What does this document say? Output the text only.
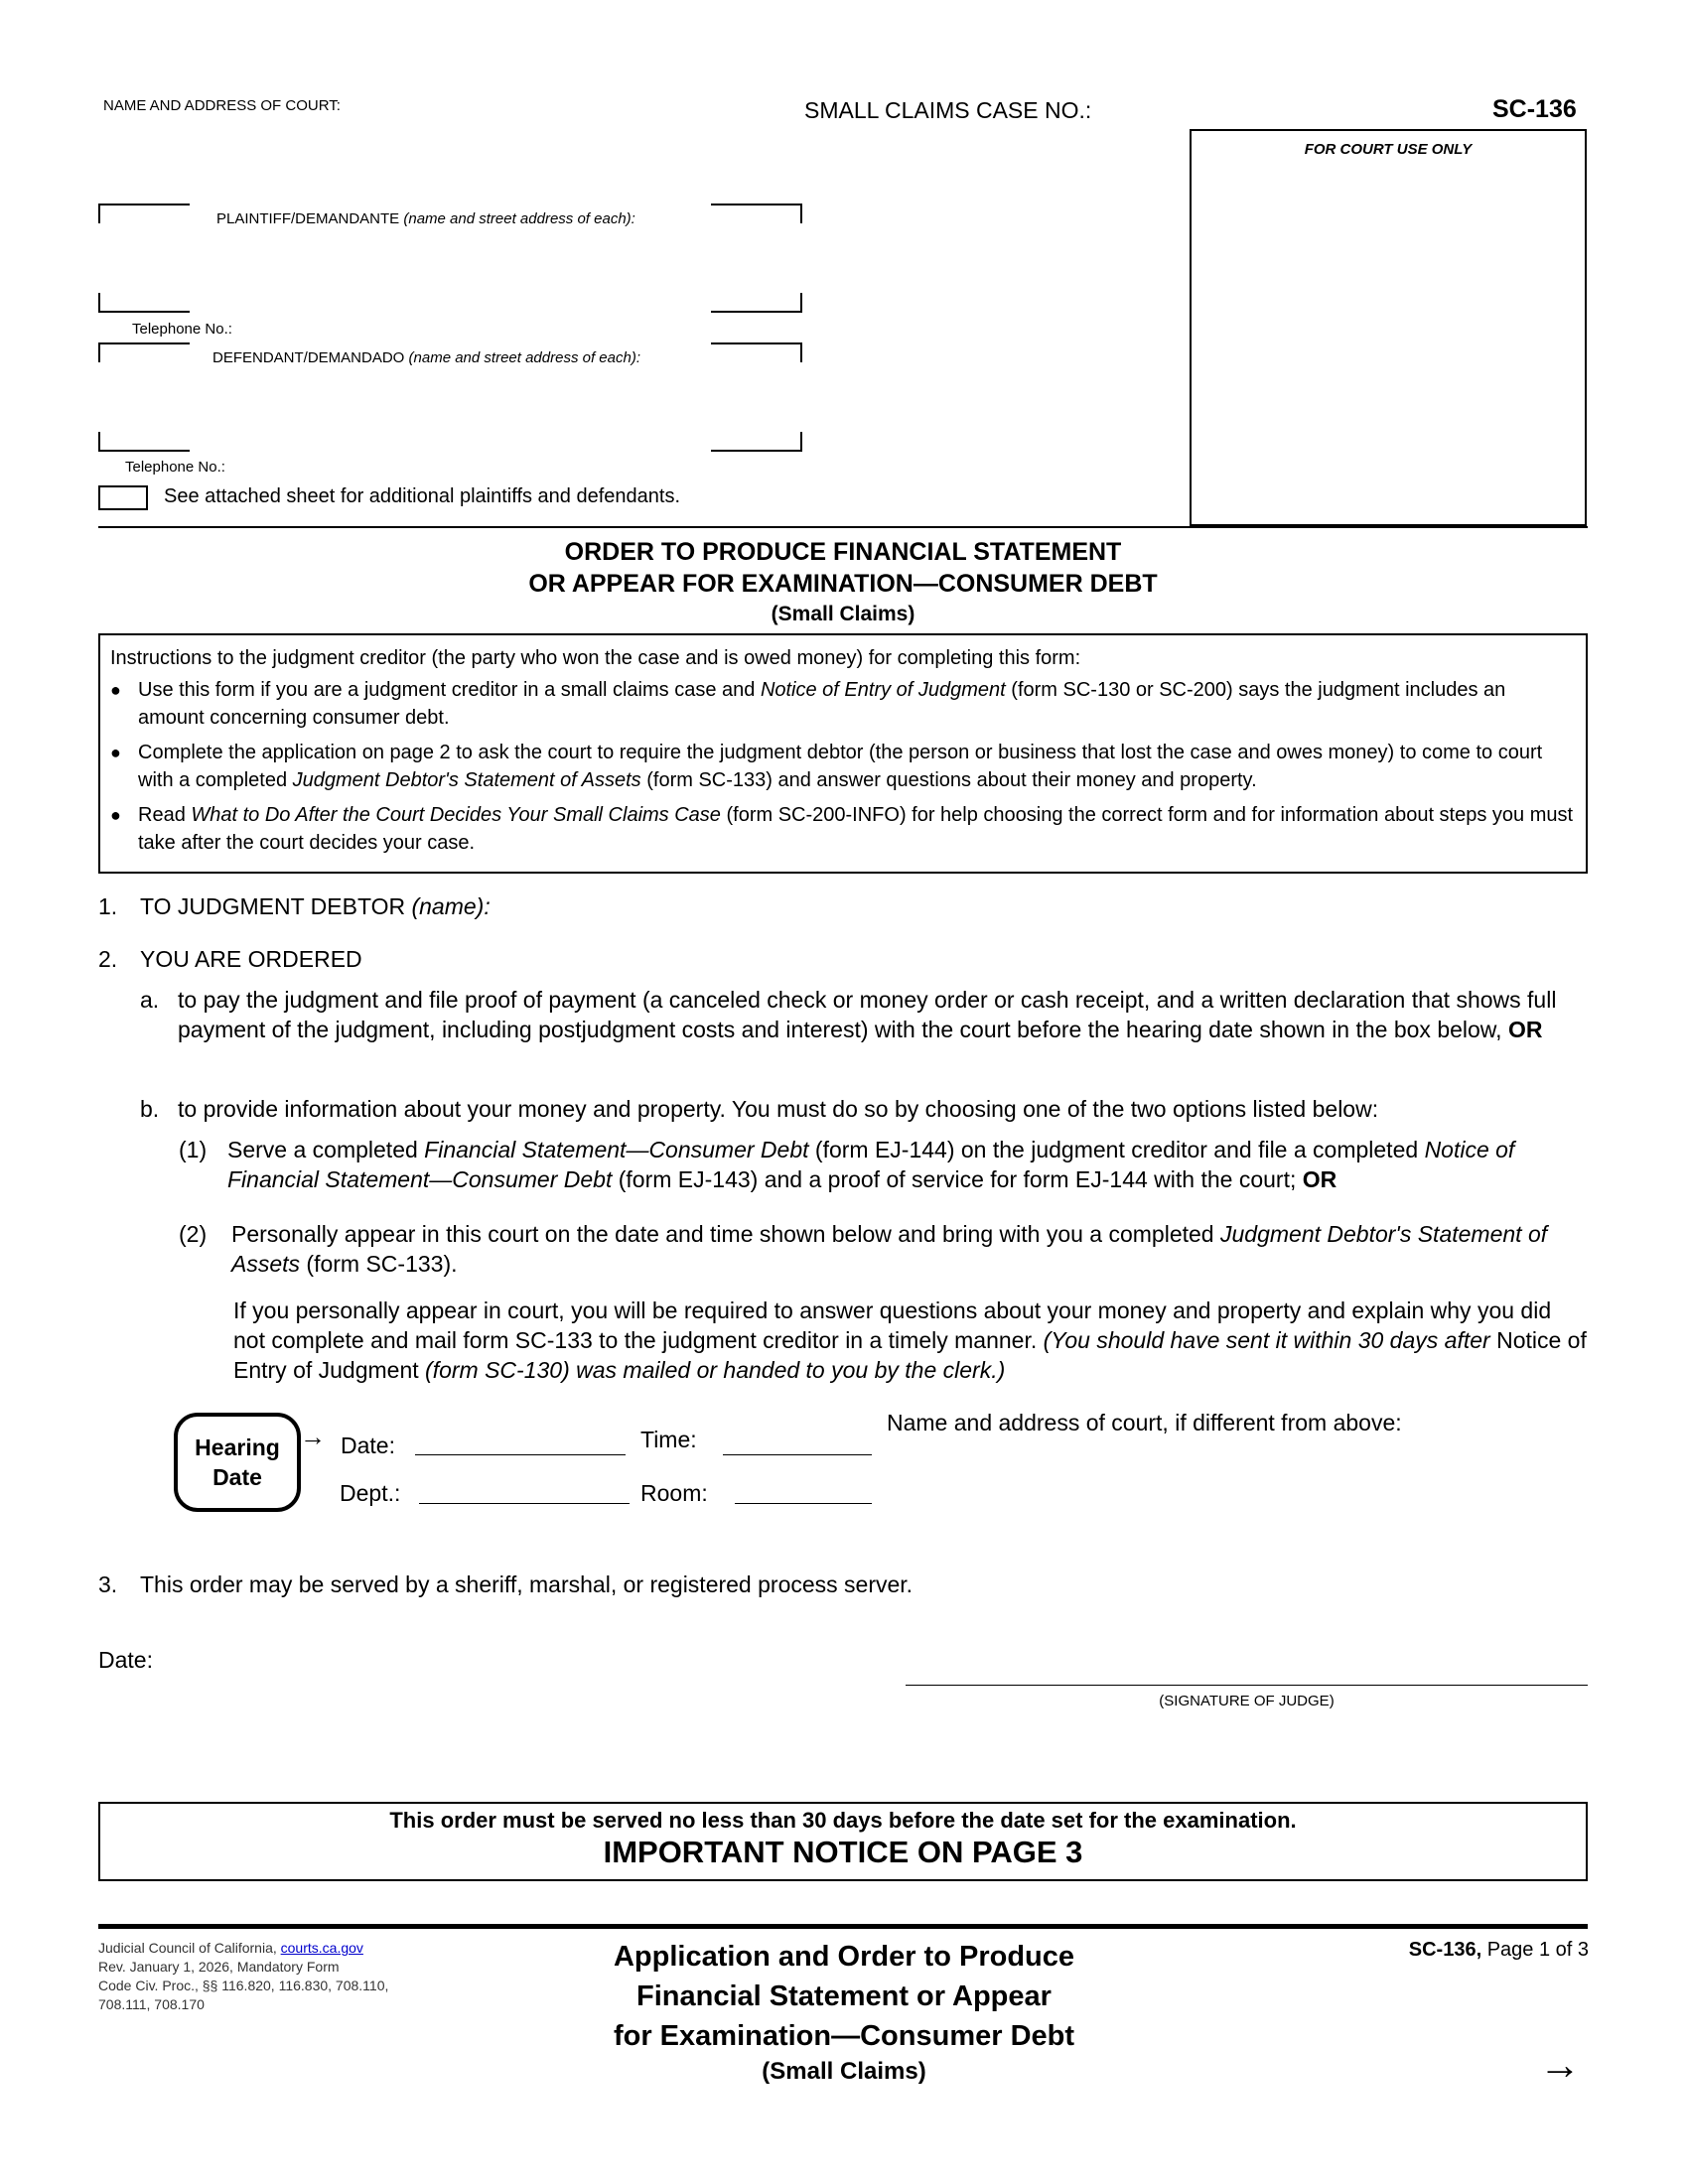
NAME AND ADDRESS OF COURT:	SMALL CLAIMS CASE NO.:	SC-136
FOR COURT USE ONLY
PLAINTIFF/DEMANDANTE (name and street address of each):
Telephone No.:
DEFENDANT/DEMANDADO (name and street address of each):
Telephone No.:
See attached sheet for additional plaintiffs and defendants.
ORDER TO PRODUCE FINANCIAL STATEMENT
OR APPEAR FOR EXAMINATION—CONSUMER DEBT
(Small Claims)

Instructions to the judgment creditor (the party who won the case and is owed money) for completing this form:

● Use this form if you are a judgment creditor in a small claims case and Notice of Entry of Judgment (form SC-130 or SC-200) says the judgment includes an amount concerning consumer debt.

● Complete the application on page 2 to ask the court to require the judgment debtor (the person or business that lost the case and owes money) to come to court with a completed Judgment Debtor's Statement of Assets (form SC-133) and answer questions about their money and property.

● Read What to Do After the Court Decides Your Small Claims Case (form SC-200-INFO) for help choosing the correct form and for information about steps you must take after the court decides your case.

1. TO JUDGMENT DEBTOR (name):
2. YOU ARE ORDERED
a. to pay the judgment and file proof of payment (a canceled check or money order or cash receipt, and a written declaration that shows full payment of the judgment, including postjudgment costs and interest) with the court before the hearing date shown in the box below, OR
b. to provide information about your money and property. You must do so by choosing one of the two options listed below:
(1) Serve a completed Financial Statement—Consumer Debt (form EJ-144) on the judgment creditor and file a completed Notice of Financial Statement—Consumer Debt (form EJ-143) and a proof of service for form EJ-144 with the court; OR
(2) Personally appear in this court on the date and time shown below and bring with you a completed Judgment Debtor's Statement of Assets (form SC-133).
If you personally appear in court, you will be required to answer questions about your money and property and explain why you did not complete and mail form SC-133 to the judgment creditor in a timely manner. (You should have sent it within 30 days after Notice of Entry of Judgment (form SC-130) was mailed or handed to you by the clerk.)
Hearing Date
→ Date:	Time:
Dept.:	Room:
Name and address of court, if different from above:
3. This order may be served by a sheriff, marshal, or registered process server.
Date:
(SIGNATURE OF JUDGE)
This order must be served no less than 30 days before the date set for the examination.
IMPORTANT NOTICE ON PAGE 3
Judicial Council of California, courts.ca.gov
Rev. January 1, 2026, Mandatory Form
Code Civ. Proc., §§ 116.820, 116.830, 708.110,
708.111, 708.170
Application and Order to Produce
Financial Statement or Appear
for Examination—Consumer Debt
(Small Claims)
SC-136, Page 1 of 3
→
